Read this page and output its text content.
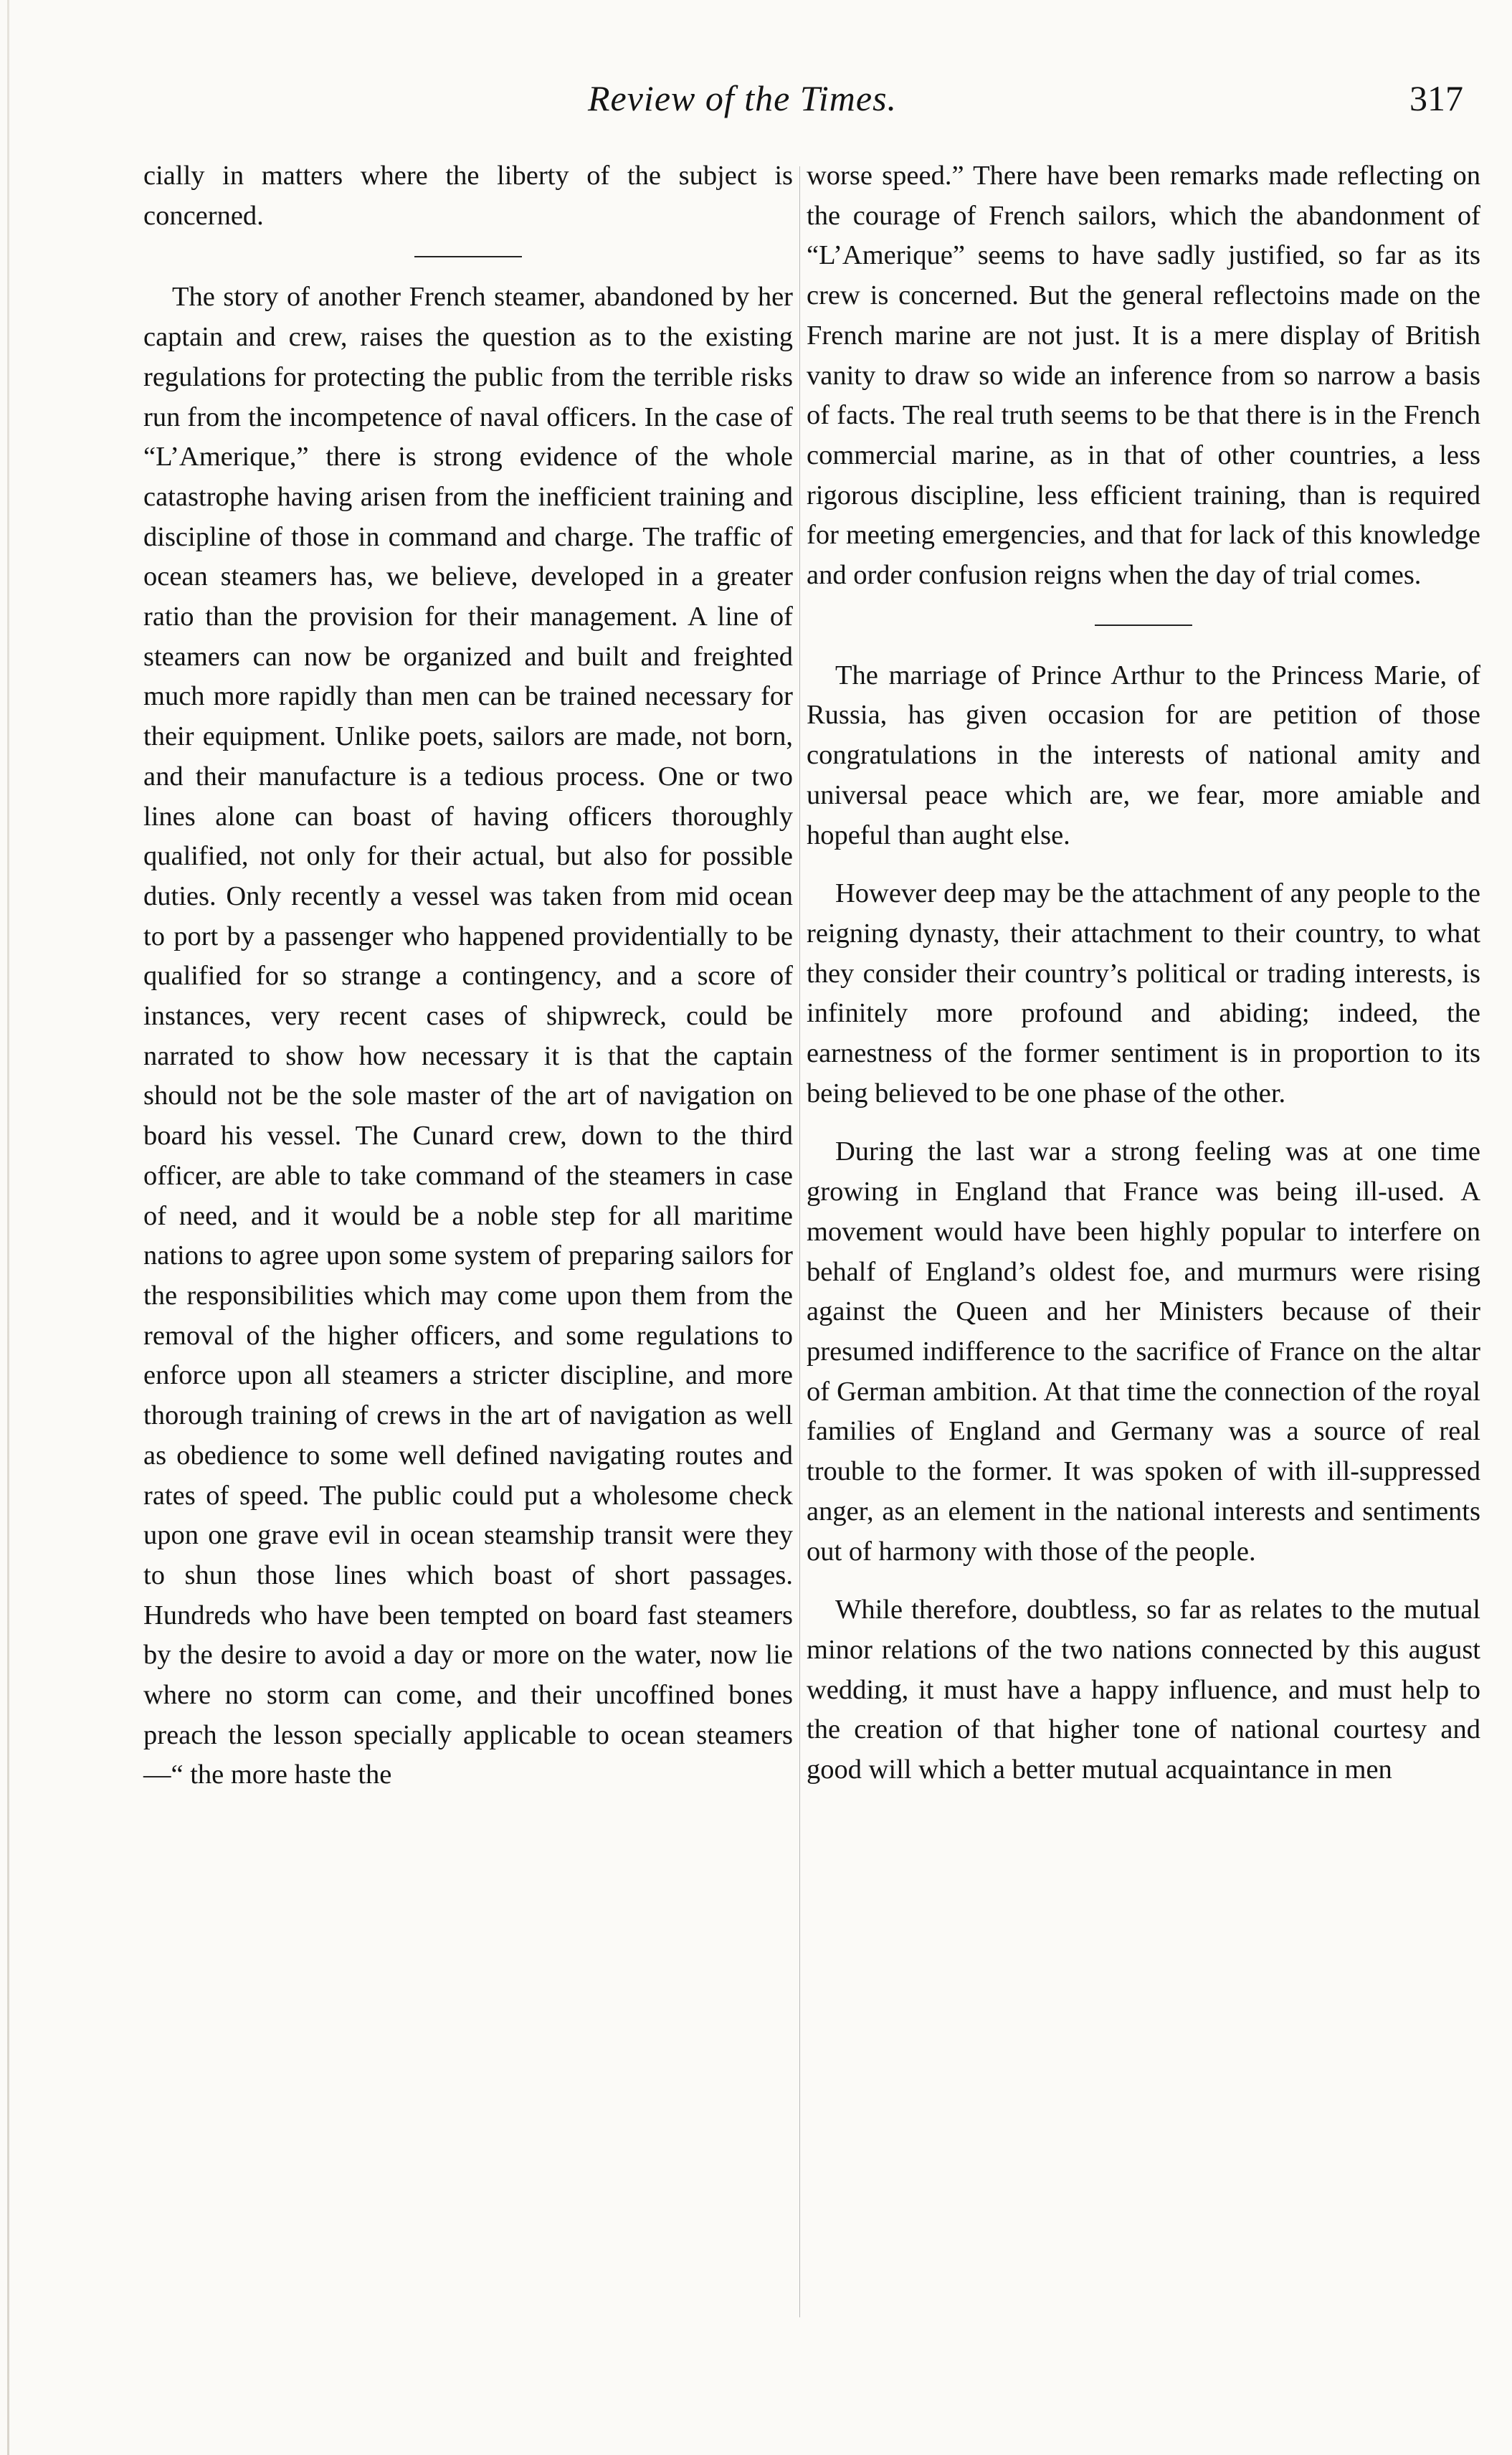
Review of the Times.	317

cially in matters where the liberty of the subject is concerned.

The story of another French steamer, abandoned by her captain and crew, raises the question as to the existing regulations for protecting the public from the terrible risks run from the incompetence of naval officers. In the case of “L’Amerique,” there is strong evidence of the whole catastrophe having arisen from the inefficient training and discipline of those in command and charge. The traffic of ocean steamers has, we believe, developed in a greater ratio than the provision for their management. A line of steamers can now be organized and built and freighted much more rapidly than men can be trained necessary for their equipment. Unlike poets, sailors are made, not born, and their manufacture is a tedious process. One or two lines alone can boast of having officers thoroughly qualified, not only for their actual, but also for possible duties. Only recently a vessel was taken from mid ocean to port by a passenger who happened providentially to be qualified for so strange a contingency, and a score of instances, very recent cases of shipwreck, could be narrated to show how necessary it is that the captain should not be the sole master of the art of navigation on board his vessel. The Cunard crew, down to the third officer, are able to take command of the steamers in case of need, and it would be a noble step for all maritime nations to agree upon some system of preparing sailors for the responsibilities which may come upon them from the removal of the higher officers, and some regulations to enforce upon all steamers a stricter discipline, and more thorough training of crews in the art of navigation as well as obedience to some well defined navigating routes and rates of speed. The public could put a wholesome check upon one grave evil in ocean steamship transit were they to shun those lines which boast of short passages. Hundreds who have been tempted on board fast steamers by the desire to avoid a day or more on the water, now lie where no storm can come, and their uncoffined bones preach the lesson specially applicable to ocean steamers—“ the more haste the

worse speed.” There have been remarks made reflecting on the courage of French sailors, which the abandonment of “L’Amerique” seems to have sadly justified, so far as its crew is concerned. But the general reflectoins made on the French marine are not just. It is a mere display of British vanity to draw so wide an inference from so narrow a basis of facts. The real truth seems to be that there is in the French commercial marine, as in that of other countries, a less rigorous discipline, less efficient training, than is required for meeting emergencies, and that for lack of this knowledge and order confusion reigns when the day of trial comes.

The marriage of Prince Arthur to the Princess Marie, of Russia, has given occasion for are petition of those congratulations in the interests of national amity and universal peace which are, we fear, more amiable and hopeful than aught else.

However deep may be the attachment of any people to the reigning dynasty, their attachment to their country, to what they consider their country’s political or trading interests, is infinitely more profound and abiding; indeed, the earnestness of the former sentiment is in proportion to its being believed to be one phase of the other.

During the last war a strong feeling was at one time growing in England that France was being ill-used. A movement would have been highly popular to interfere on behalf of England’s oldest foe, and murmurs were rising against the Queen and her Ministers because of their presumed indifference to the sacrifice of France on the altar of German ambition. At that time the connection of the royal families of England and Germany was a source of real trouble to the former. It was spoken of with ill-suppressed anger, as an element in the national interests and sentiments out of harmony with those of the people.

While therefore, doubtless, so far as relates to the mutual minor relations of the two nations connected by this august wedding, it must have a happy influence, and must help to the creation of that higher tone of national courtesy and good will which a better mutual acquaintance in men
